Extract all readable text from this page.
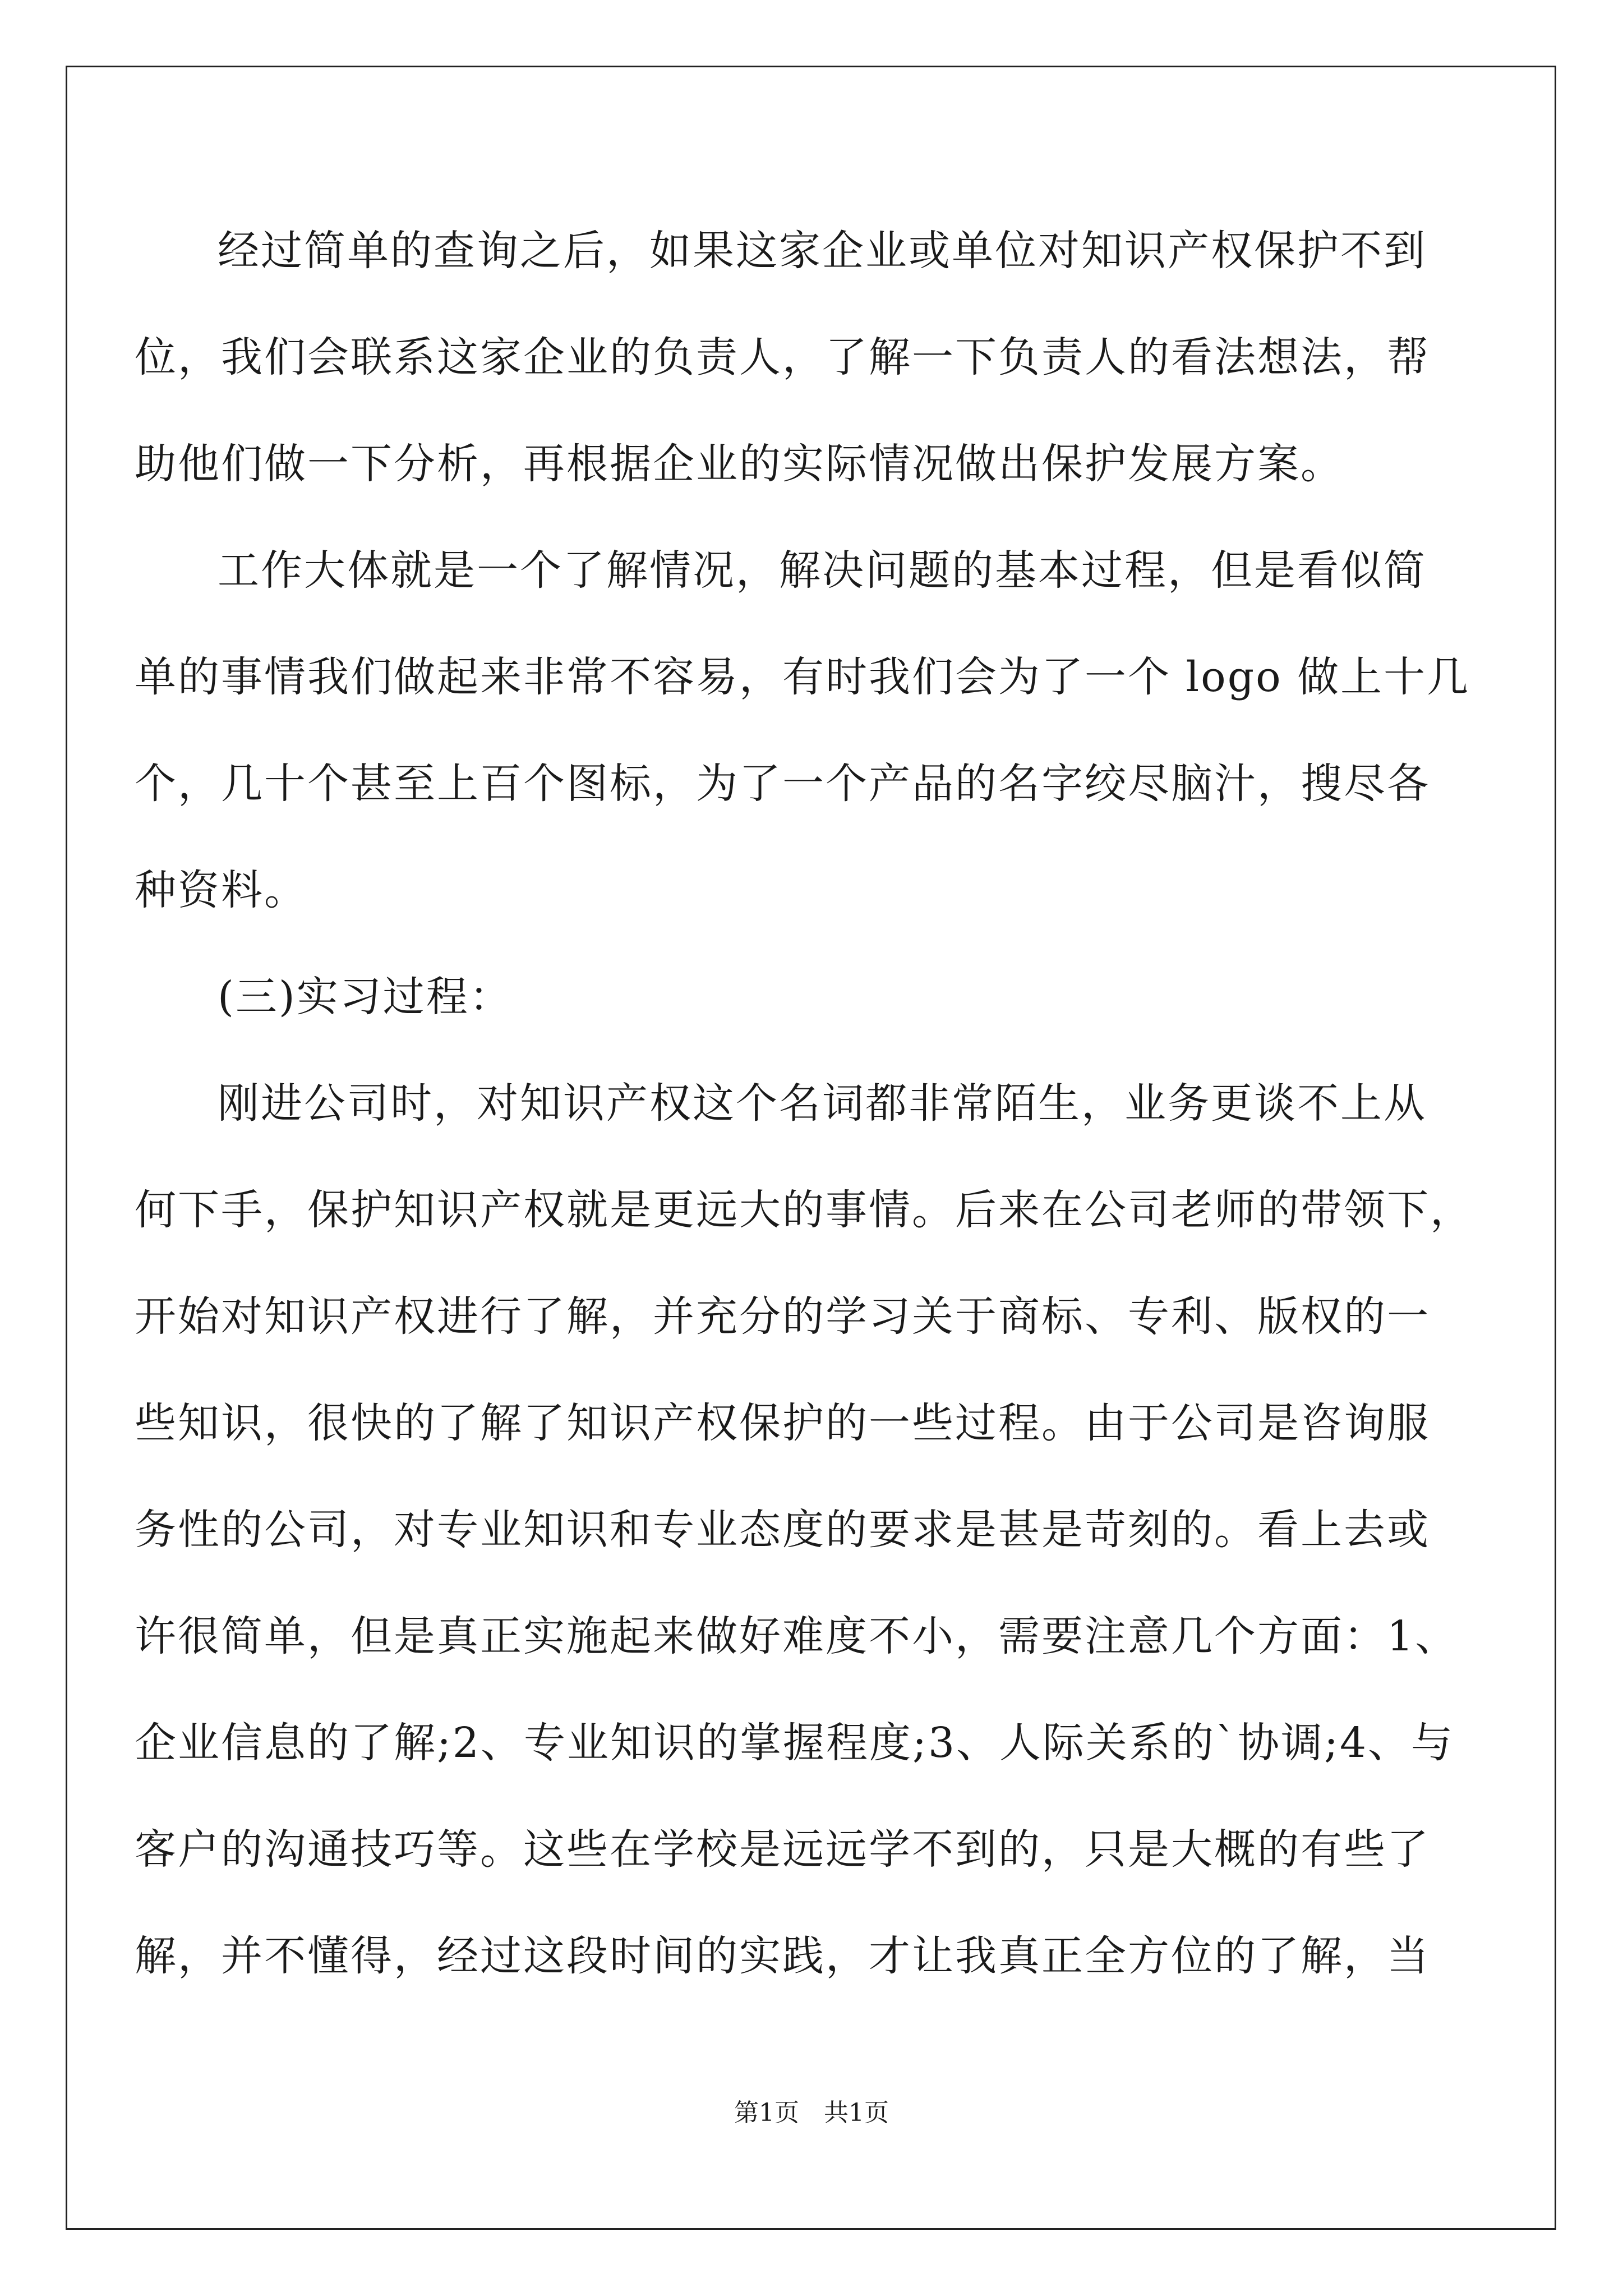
经过简单的查询之后，如果这家企业或单位对知识产权保护不到
位，我们会联系这家企业的负责人，了解一下负责人的看法想法，帮
助他们做一下分析，再根据企业的实际情况做出保护发展方案。
工作大体就是一个了解情况，解决问题的基本过程，但是看似简
单的事情我们做起来非常不容易，有时我们会为了一个 logo 做上十几
个，几十个甚至上百个图标，为了一个产品的名字绞尽脑汁，搜尽各
种资料。
(三)实习过程：
刚进公司时，对知识产权这个名词都非常陌生，业务更谈不上从
何下手，保护知识产权就是更远大的事情。后来在公司老师的带领下，
开始对知识产权进行了解，并充分的学习关于商标、专利、版权的一
些知识，很快的了解了知识产权保护的一些过程。由于公司是咨询服
务性的公司，对专业知识和专业态度的要求是甚是苛刻的。看上去或
许很简单，但是真正实施起来做好难度不小，需要注意几个方面：1、
企业信息的了解;2、专业知识的掌握程度;3、人际关系的`协调;4、与
客户的沟通技巧等。这些在学校是远远学不到的，只是大概的有些了
解，并不懂得，经过这段时间的实践，才让我真正全方位的了解，当
第1页　共1页
